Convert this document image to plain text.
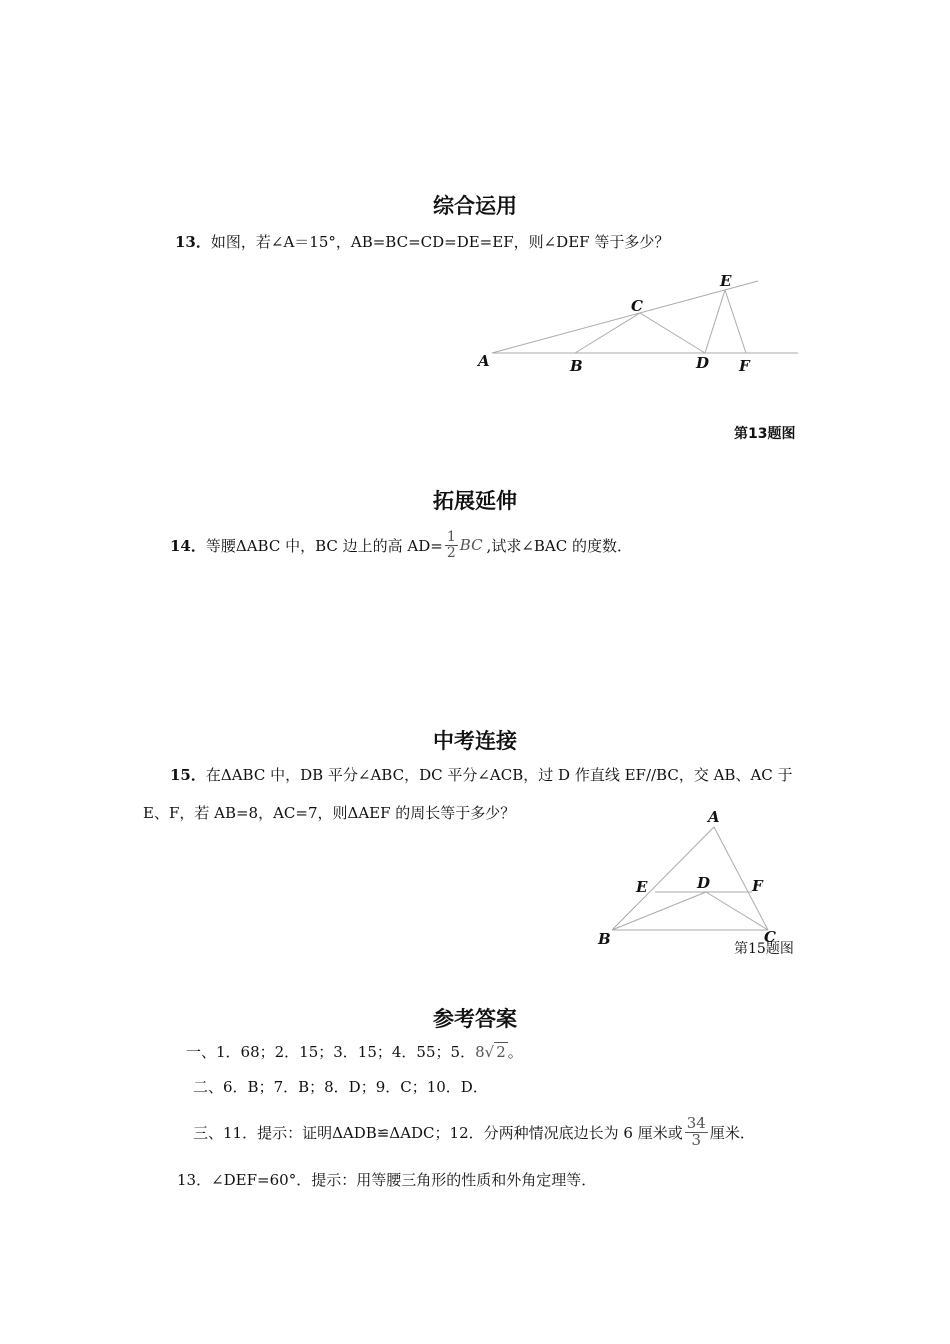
综合运用
13．如图，若∠A＝15°，AB=BC=CD=DE=EF，则∠DEF 等于多少？
A	B
C
D
E
F
第13题图
拓展延伸
14． 等腰ΔABC 中，BC 边上的高 $AD= \frac{1}{2}$ BC ,试求∠BAC 的度数．
中考连接
15．在ΔABC 中，DB 平分∠ABC，DC 平分∠ACB，过 D 作直线 EF//BC，交 AB、AC 于
E、F，若 AB=8，AC=7，则ΔAEF 的周长等于多少？	A
E	D	F
B	C
第15题图
参考答案
一、1．68；2．15；3．15；4．55；5．8√ 2 。
二、6．B；7．B；8．D；9．C；10．D．
三、11．提示：证明ΔADB≌ΔADC；12．分两种情况底边长为 6 厘米或 $\frac{34}{3}$ 厘米．
13．∠DEF=60°．提示：用等腰三角形的性质和外角定理等．
